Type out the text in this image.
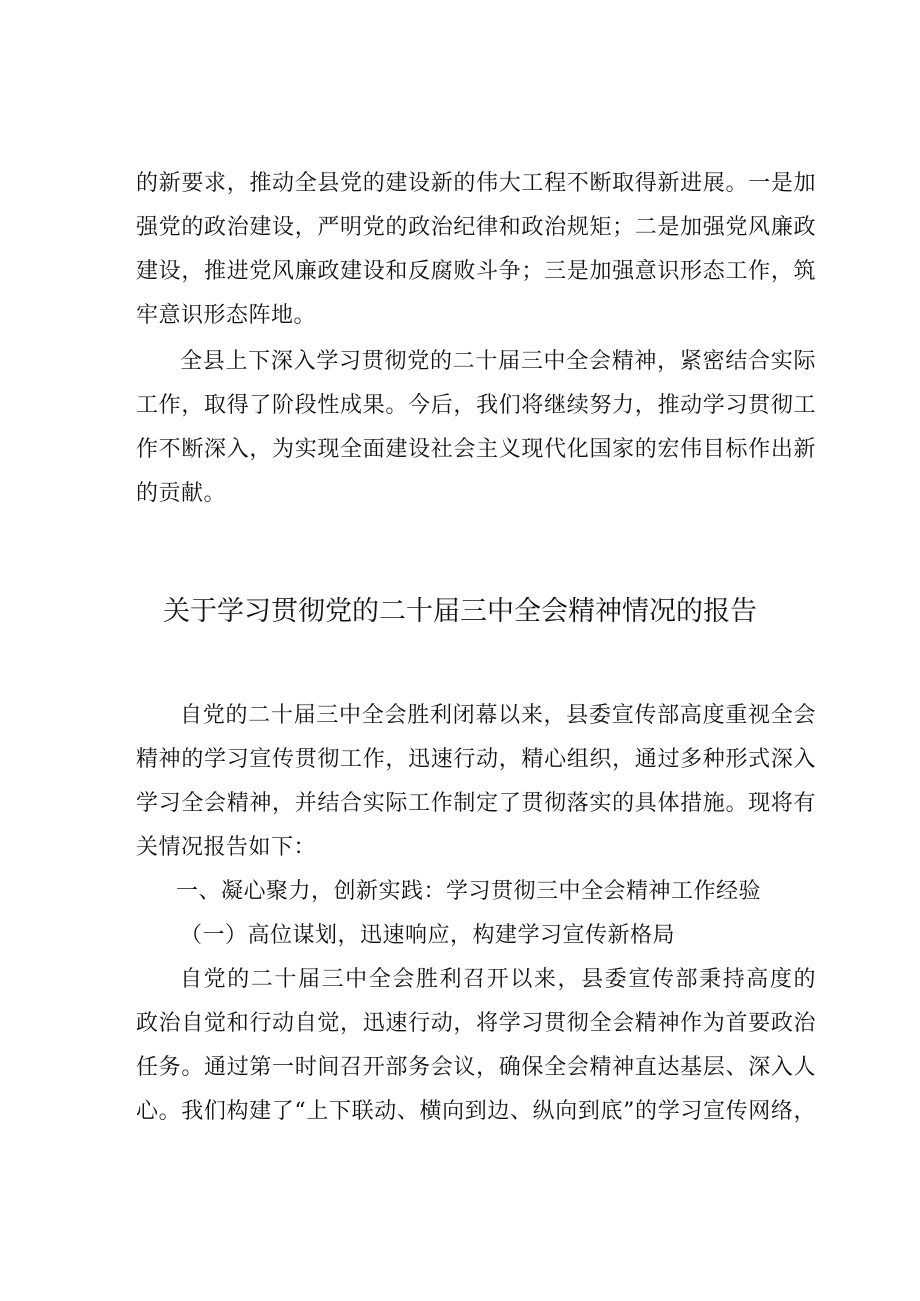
的新要求，推动全县党的建设新的伟大工程不断取得新进展。一是加
强党的政治建设，严明党的政治纪律和政治规矩；二是加强党风廉政
建设，推进党风廉政建设和反腐败斗争；三是加强意识形态工作，筑
牢意识形态阵地。
全县上下深入学习贯彻党的二十届三中全会精神，紧密结合实际
工作，取得了阶段性成果。今后，我们将继续努力，推动学习贯彻工
作不断深入，为实现全面建设社会主义现代化国家的宏伟目标作出新
的贡献。
关于学习贯彻党的二十届三中全会精神情况的报告
自党的二十届三中全会胜利闭幕以来，县委宣传部高度重视全会
精神的学习宣传贯彻工作，迅速行动，精心组织，通过多种形式深入
学习全会精神，并结合实际工作制定了贯彻落实的具体措施。现将有
关情况报告如下：
一、凝心聚力，创新实践：学习贯彻三中全会精神工作经验
（一）高位谋划，迅速响应，构建学习宣传新格局
自党的二十届三中全会胜利召开以来，县委宣传部秉持高度的
政治自觉和行动自觉，迅速行动，将学习贯彻全会精神作为首要政治
任务。通过第一时间召开部务会议，确保全会精神直达基层、深入人
心。我们构建了“上下联动、横向到边、纵向到底”的学习宣传网络，
